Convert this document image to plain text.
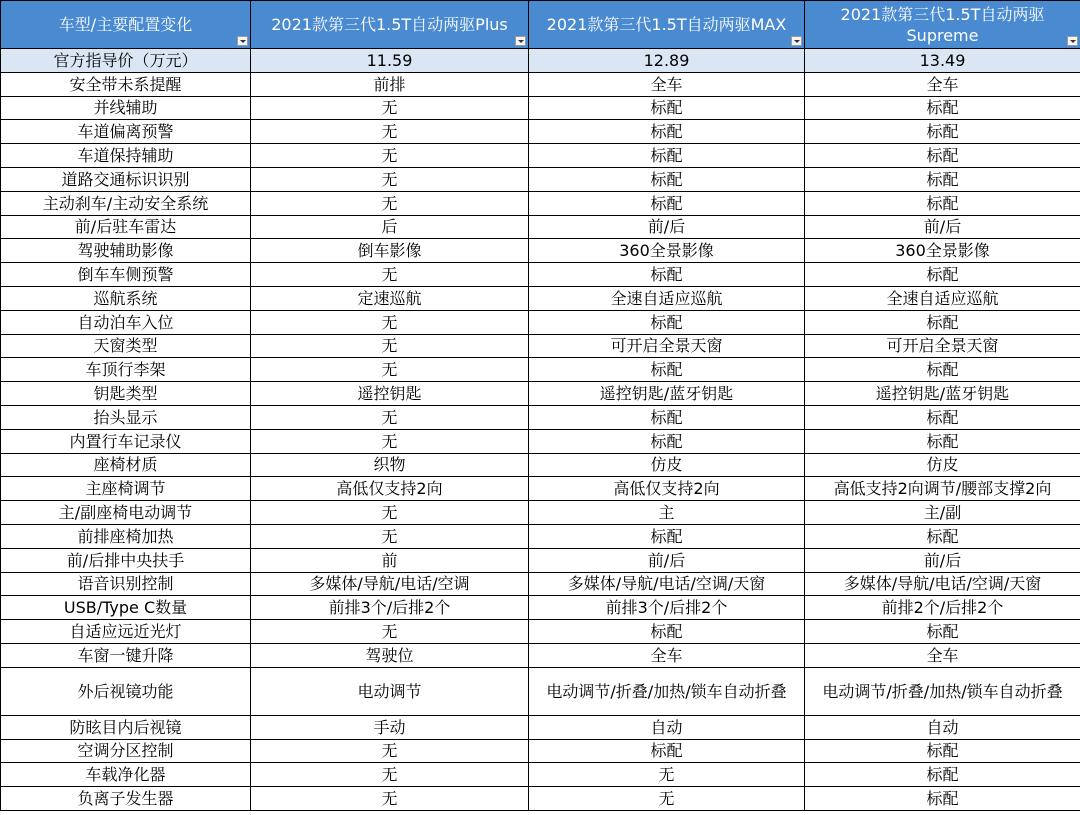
车型/主要配置变化	2021款第三代1.5T自动两驱Plus	2021款第三代1.5T自动两驱MAX	2021款第三代1.5T自动两驱Supreme

官方指导价（万元）	11.59	12.89	13.49
安全带未系提醒	前排	全车	全车
并线辅助	无	标配	标配
车道偏离预警	无	标配	标配
车道保持辅助	无	标配	标配
道路交通标识识别	无	标配	标配
主动刹车/主动安全系统	无	标配	标配
前/后驻车雷达	后	前/后	前/后
驾驶辅助影像	倒车影像	360全景影像	360全景影像
倒车车侧预警	无	标配	标配
巡航系统	定速巡航	全速自适应巡航	全速自适应巡航
自动泊车入位	无	标配	标配
天窗类型	无	可开启全景天窗	可开启全景天窗
车顶行李架	无	标配	标配
钥匙类型	遥控钥匙	遥控钥匙/蓝牙钥匙	遥控钥匙/蓝牙钥匙
抬头显示	无	标配	标配
内置行车记录仪	无	标配	标配
座椅材质	织物	仿皮	仿皮
主座椅调节	高低仅支持2向	高低仅支持2向	高低支持2向调节/腰部支撑2向
主/副座椅电动调节	无	主	主/副
前排座椅加热	无	标配	标配
前/后排中央扶手	前	前/后	前/后
语音识别控制	多媒体/导航/电话/空调	多媒体/导航/电话/空调/天窗	多媒体/导航/电话/空调/天窗
USB/Type C数量	前排3个/后排2个	前排3个/后排2个	前排2个/后排2个
自适应远近光灯	无	标配	标配
车窗一键升降	驾驶位	全车	全车
外后视镜功能	电动调节	电动调节/折叠/加热/锁车自动折叠	电动调节/折叠/加热/锁车自动折叠
防眩目内后视镜	手动	自动	自动
空调分区控制	无	标配	标配
车载净化器	无	无	标配
负离子发生器	无	无	标配
